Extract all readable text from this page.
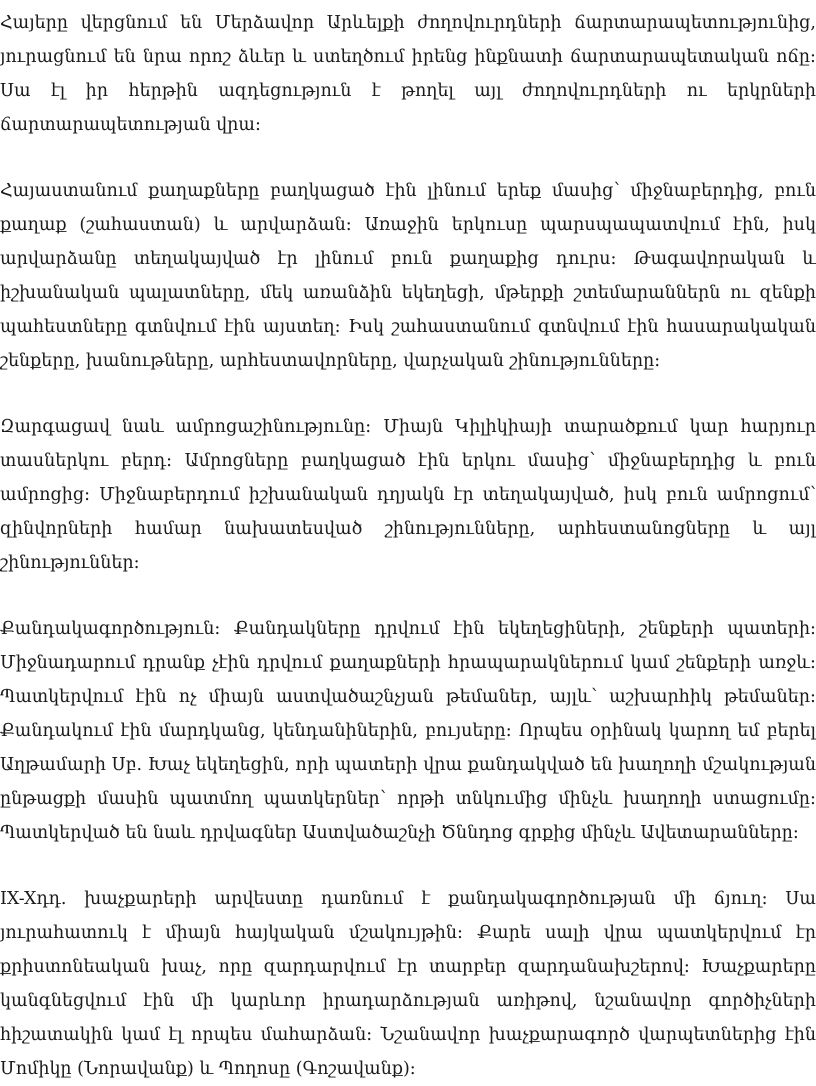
Հայերը վերցնում են Մերձավոր Արևելքի ժողովուրդների ճարտարապետությունից, յուրացնում են նրա որոշ ձևեր և ստեղծում իրենց ինքնատի ճարտարապետական ոճը։ Սա էլ իր հերթին ազդեցություն է թողել այլ ժողովուրդների ու երկրների ճարտարապետության վրա։

Հայաստանում քաղաքները բաղկացած էին լինում երեք մասից՝ միջնաբերդից, բուն քաղաք (շահաստան) և արվարձան։ Առաջին երկուսը պարսպապատվում էին, իսկ արվարձանը տեղակայված էր լինում բուն քաղաքից դուրս։ Թագավորական և իշխանական պալատները, մեկ առանձին եկեղեցի, մթերքի շտեմարաններն ու զենքի պահեստները գտնվում էին այստեղ։ Իսկ շահաստանում գտնվում էին հասարակական շենքերը, խանութները, արհեստավորները, վարչական շինությունները։

Զարգացավ նաև ամրոցաշինությունը։ Միայն Կիլիկիայի տարածքում կար հարյուր տասներկու բերդ։ Ամրոցները բաղկացած էին երկու մասից՝ միջնաբերդից և բուն ամրոցից։ Միջնաբերդում իշխանական դղյակն էր տեղակայված, իսկ բուն ամրոցում՝ զինվորների համար նախատեսված շինությունները, արհեստանոցները և այլ շինություններ։

Քանդակագործություն։ Քանդակները դրվում էին եկեղեցիների, շենքերի պատերի։ Միջնադարում դրանք չէին դրվում քաղաքների հրապարակներում կամ շենքերի առջև։ Պատկերվում էին ոչ միայն աստվածաշնչյան թեմաներ, այլև՝ աշխարհիկ թեմաներ։ Քանդակում էին մարդկանց, կենդանիներին, բույսերը։ Որպես օրինակ կարող եմ բերել Աղթամարի Սբ. Խաչ եկեղեցին, որի պատերի վրա քանդակված են խաղողի մշակության ընթացքի մասին պատմող պատկերներ՝ որթի տնկումից մինչև խաղողի ստացումը։ Պատկերված են նաև դրվագներ Աստվածաշնչի Ծննդոց գրքից մինչև Ավետարանները։

IX-Xդդ. խաչքարերի արվեստը դառնում է քանդակագործության մի ճյուղ։ Սա յուրահատուկ է միայն հայկական մշակույթին։ Քարե սալի վրա պատկերվում էր քրիստոնեական խաչ, որը զարդարվում էր տարբեր զարդանախշերով։ Խաչքարերը կանգնեցվում էին մի կարևոր իրադարձության առիթով, նշանավոր գործիչների հիշատակին կամ էլ որպես մահարձան։ Նշանավոր խաչքարագործ վարպետներից էին Մոմիկը (Նորավանք) և Պողոսը (Գոշավանք)։
